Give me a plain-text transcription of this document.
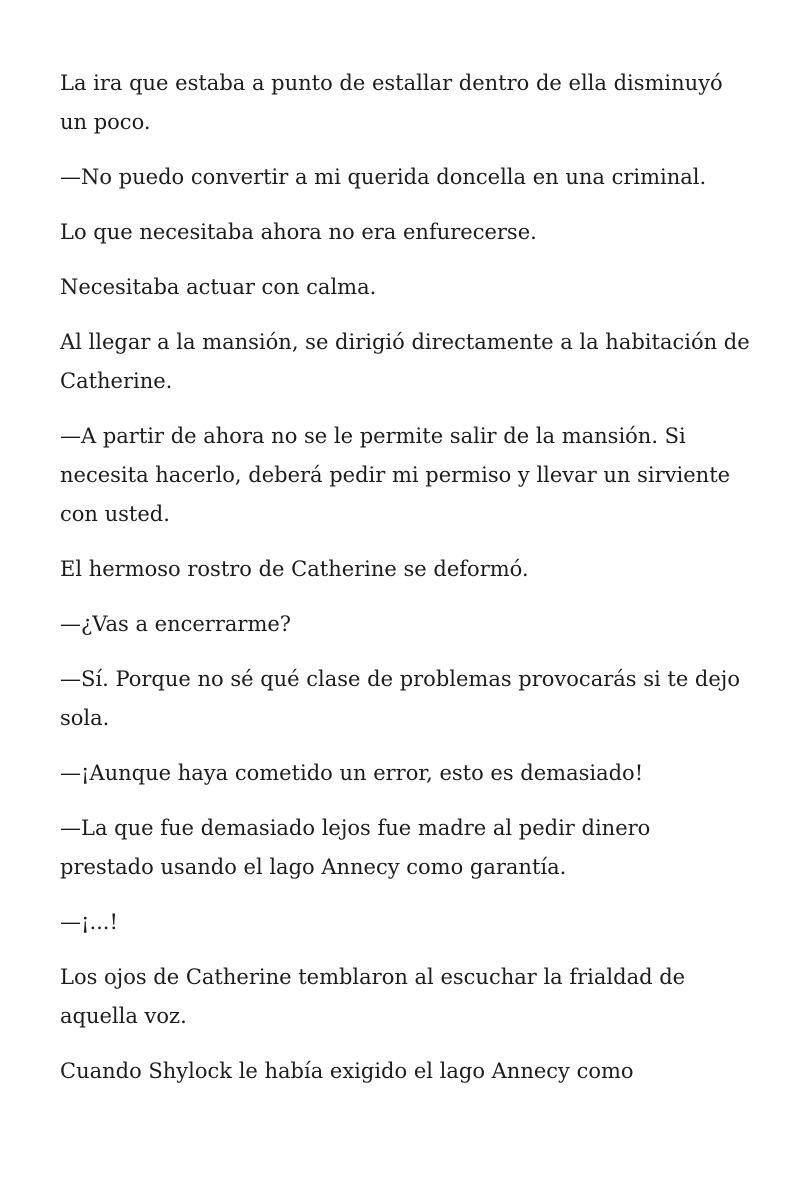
La ira que estaba a punto de estallar dentro de ella disminuyó un poco.

—No puedo convertir a mi querida doncella en una criminal.

Lo que necesitaba ahora no era enfurecerse.

Necesitaba actuar con calma.

Al llegar a la mansión, se dirigió directamente a la habitación de Catherine.

—A partir de ahora no se le permite salir de la mansión. Si necesita hacerlo, deberá pedir mi permiso y llevar un sirviente con usted.

El hermoso rostro de Catherine se deformó.

—¿Vas a encerrarme?

—Sí. Porque no sé qué clase de problemas provocarás si te dejo sola.

—¡Aunque haya cometido un error, esto es demasiado!

—La que fue demasiado lejos fue madre al pedir dinero prestado usando el lago Annecy como garantía.

—¡...!

Los ojos de Catherine temblaron al escuchar la frialdad de aquella voz.

Cuando Shylock le había exigido el lago Annecy como
